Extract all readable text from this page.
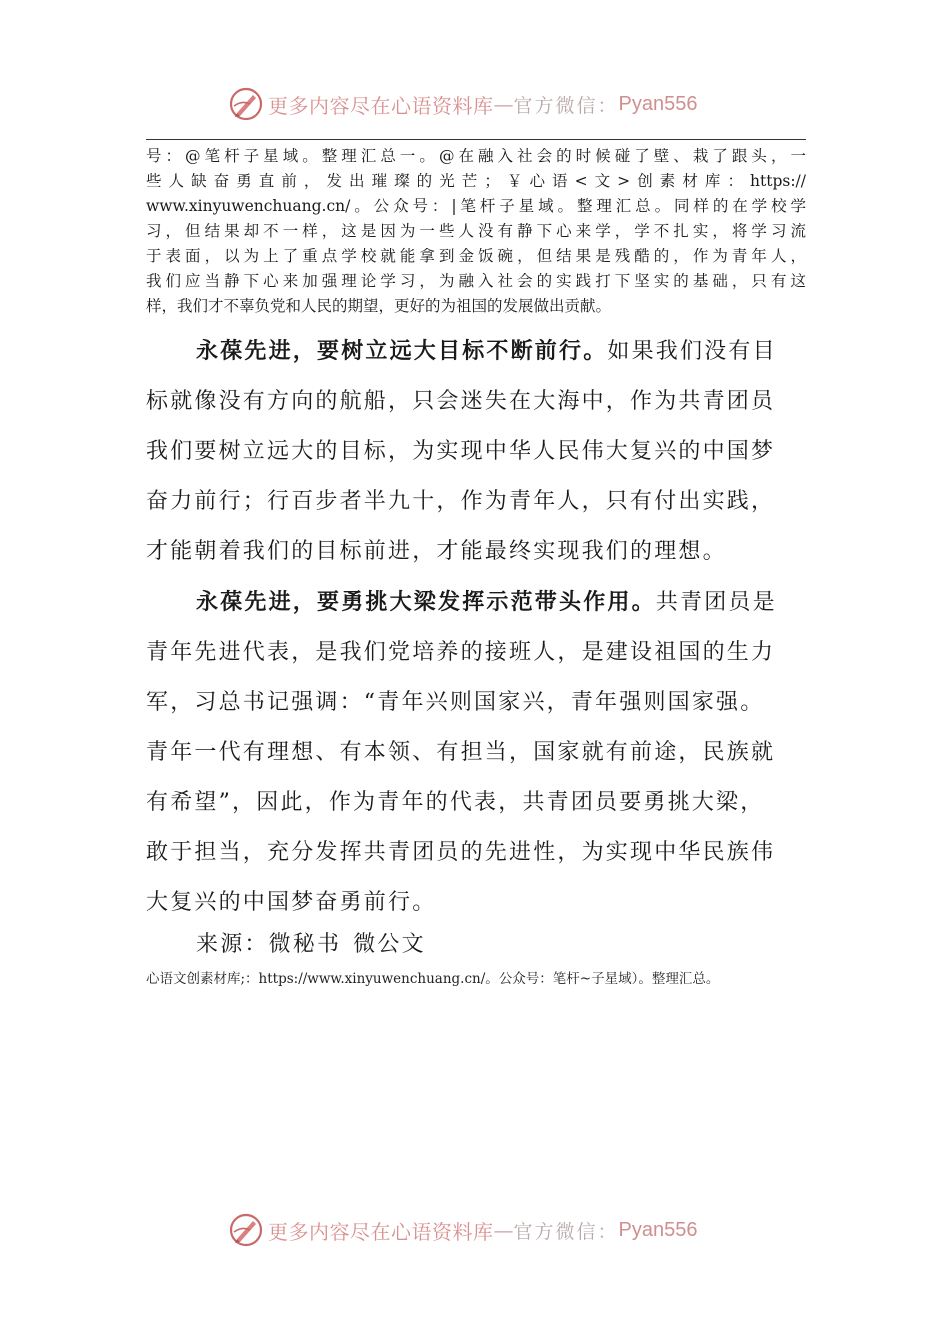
更多内容尽在心语资料库 — 官方微信： Pyan556
号：@笔杆子星域。整理汇总一。@在融入社会的时候碰了壁、栽了跟头，一
些人缺奋勇直前，发出璀璨的光芒；￥心语<文>创素材库：https://
www.xinyuwenchuang.cn/。公众号：|笔杆子星域。整理汇总。同样的在学校学
习，但结果却不一样，这是因为一些人没有静下心来学，学不扎实，将学习流
于表面，以为上了重点学校就能拿到金饭碗，但结果是残酷的，作为青年人，
我们应当静下心来加强理论学习，为融入社会的实践打下坚实的基础，只有这
样，我们才不辜负党和人民的期望，更好的为祖国的发展做出贡献。
永葆先进，要树立远大目标不断前行。如果我们没有目
标就像没有方向的航船，只会迷失在大海中，作为共青团员
我们要树立远大的目标，为实现中华人民伟大复兴的中国梦
奋力前行；行百步者半九十，作为青年人，只有付出实践，
才能朝着我们的目标前进，才能最终实现我们的理想。
永葆先进，要勇挑大梁发挥示范带头作用。共青团员是
青年先进代表，是我们党培养的接班人，是建设祖国的生力
军，习总书记强调：“青年兴则国家兴，青年强则国家强。
青年一代有理想、有本领、有担当，国家就有前途，民族就
有希望”，因此，作为青年的代表，共青团员要勇挑大梁，
敢于担当，充分发挥共青团员的先进性，为实现中华民族伟
大复兴的中国梦奋勇前行。
来源：微秘书 微公文
心语文创素材库;：https://www.xinyuwenchuang.cn/。公众号：笔杆~子星域）。整理汇总。
更多内容尽在心语资料库 — 官方微信： Pyan556
